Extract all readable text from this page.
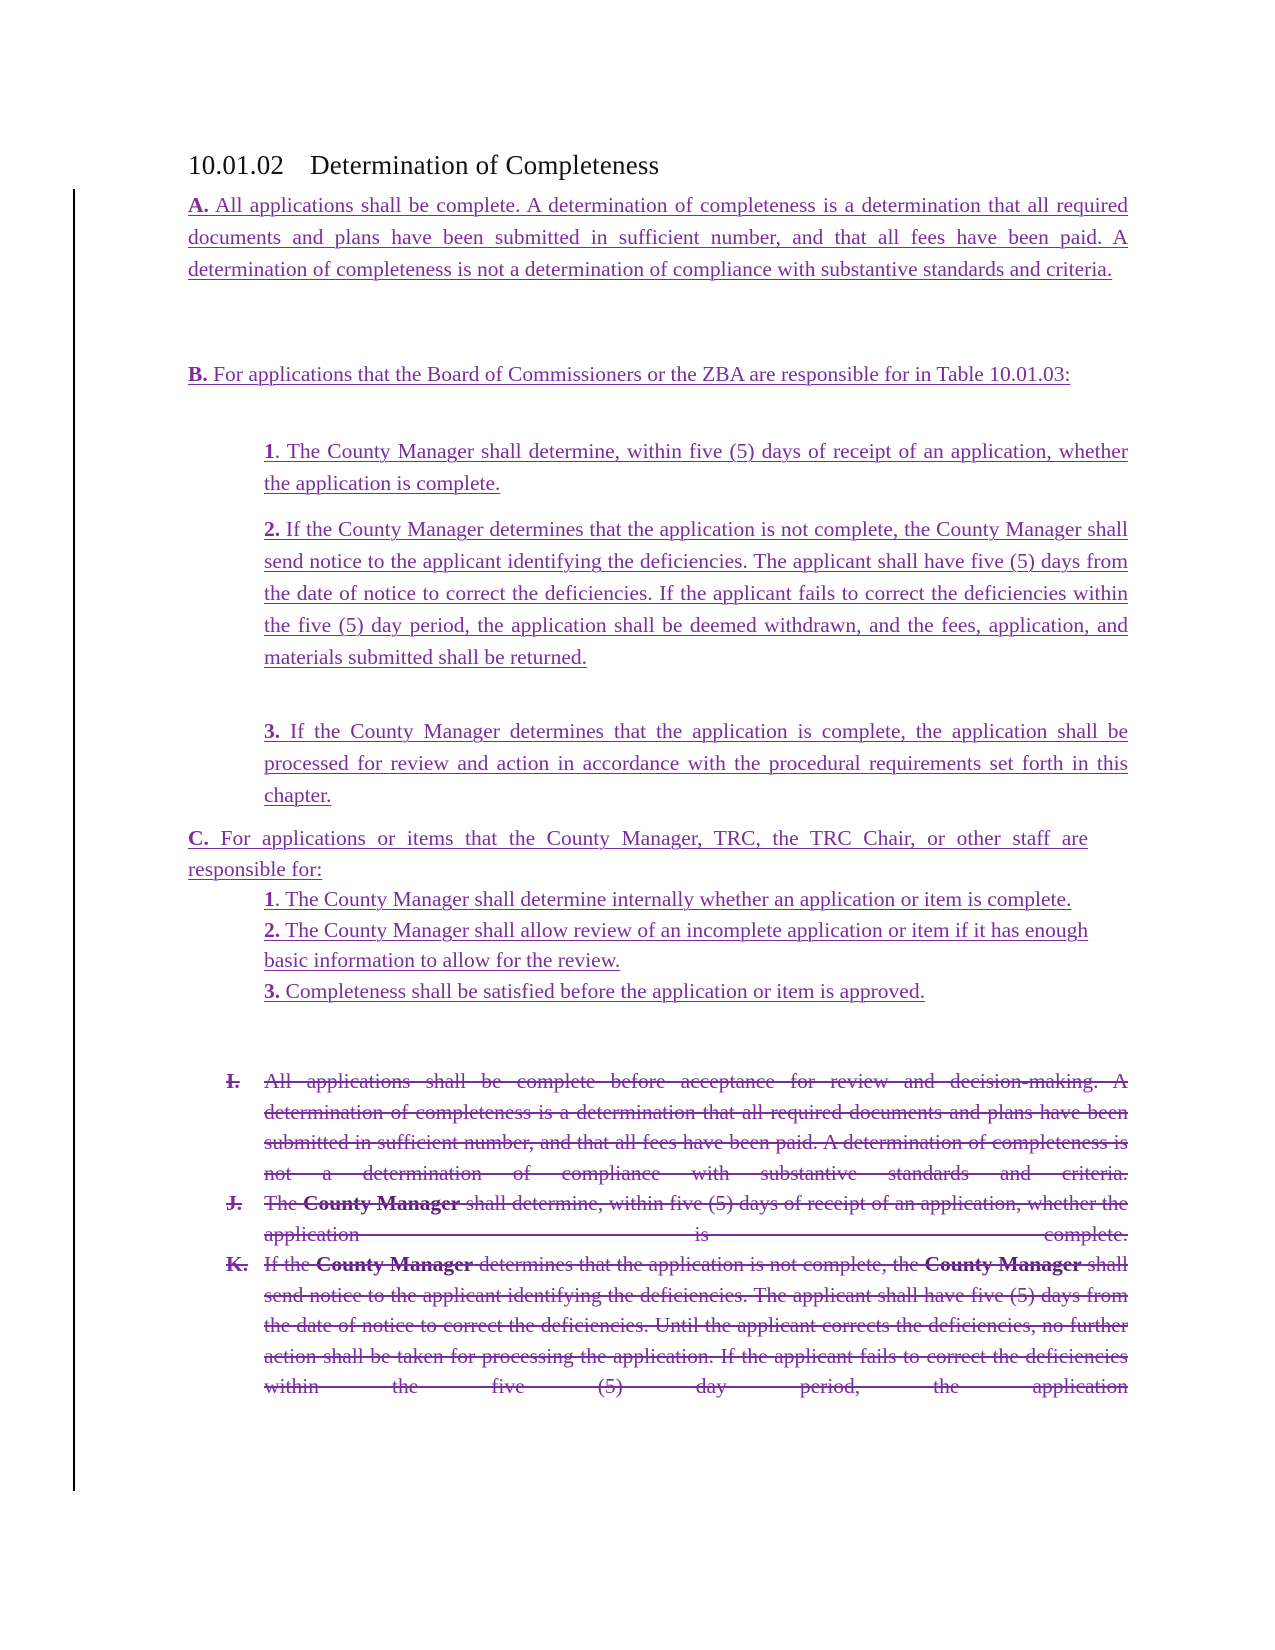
10.01.02 Determination of Completeness

A. All applications shall be complete. A determination of completeness is a determination that all required documents and plans have been submitted in sufficient number, and that all fees have been paid. A determination of completeness is not a determination of compliance with substantive standards and criteria.

B. For applications that the Board of Commissioners or the ZBA are responsible for in Table 10.01.03:

1. The County Manager shall determine, within five (5) days of receipt of an application, whether the application is complete.

2. If the County Manager determines that the application is not complete, the County Manager shall send notice to the applicant identifying the deficiencies. The applicant shall have five (5) days from the date of notice to correct the deficiencies. If the applicant fails to correct the deficiencies within the five (5) day period, the application shall be deemed withdrawn, and the fees, application, and materials submitted shall be returned.

3. If the County Manager determines that the application is complete, the application shall be processed for review and action in accordance with the procedural requirements set forth in this chapter.

C. For applications or items that the County Manager, TRC, the TRC Chair, or other staff are responsible for:

1. The County Manager shall determine internally whether an application or item is complete.
2. The County Manager shall allow review of an incomplete application or item if it has enough basic information to allow for the review.
3. Completeness shall be satisfied before the application or item is approved.
I.	All applications shall be complete before acceptance for review and decision-making. A determination of completeness is a determination that all required documents and plans have been submitted in sufficient number, and that all fees have been paid. A determination of completeness is not a determination of compliance with substantive standards and criteria.
J.	The County Manager shall determine, within five (5) days of receipt of an application, whether the application is complete.
K. If the County Manager determines that the application is not complete, the County Manager shall send notice to the applicant identifying the deficiencies. The applicant shall have five (5) days from the date of notice to correct the deficiencies. Until the applicant corrects the deficiencies, no further action shall be taken for processing the application. If the applicant fails to correct the deficiencies within the five (5) day period, the application
